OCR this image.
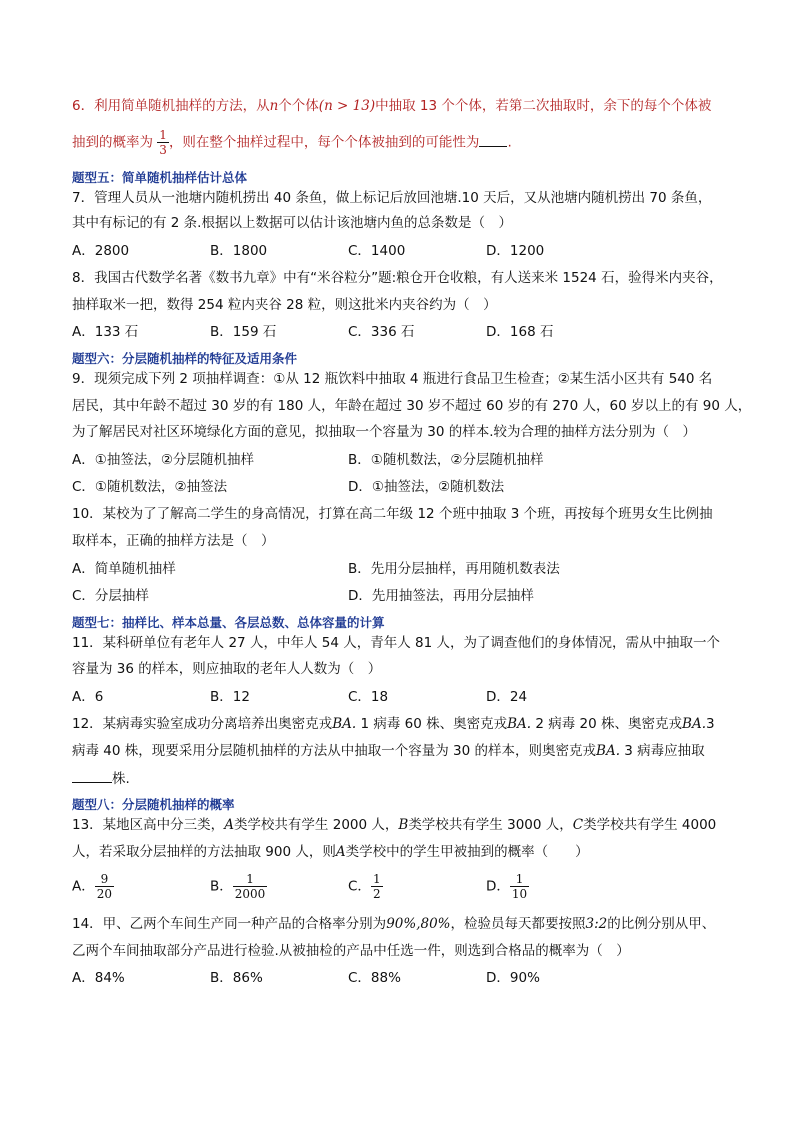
6．利用简单随机抽样的方法，从n个个体(n > 13)中抽取 13 个个体，若第二次抽取时，余下的每个个体被
抽到的概率为 $\frac{1}{3}$ ，则在整个抽样过程中，每个个体被抽到的可能性为 .
题型五：简单随机抽样估计总体
7．管理人员从一池塘内随机捞出 40 条鱼，做上标记后放回池塘.10 天后，又从池塘内随机捞出 70 条鱼，
其中有标记的有 2 条.根据以上数据可以估计该池塘内鱼的总条数是（　）
A．2800	B．1800	C．1400	D．1200
8．我国古代数学名著《数书九章》中有“米谷粒分”题:粮仓开仓收粮，有人送来米 1524 石，验得米内夹谷，
抽样取米一把，数得 254 粒内夹谷 28 粒，则这批米内夹谷约为（　）
A．133 石	B．159 石	C．336 石	D．168 石
题型六：分层随机抽样的特征及适用条件
9．现须完成下列 2 项抽样调查：①从 12 瓶饮料中抽取 4 瓶进行食品卫生检查；②某生活小区共有 540 名
居民，其中年龄不超过 30 岁的有 180 人，年龄在超过 30 岁不超过 60 岁的有 270 人，60 岁以上的有 90 人，
为了解居民对社区环境绿化方面的意见，拟抽取一个容量为 30 的样本.较为合理的抽样方法分别为（　）
A．①抽签法，②分层随机抽样	B．①随机数法，②分层随机抽样
C．①随机数法，②抽签法	D．①抽签法，②随机数法
10．某校为了了解高二学生的身高情况，打算在高二年级 12 个班中抽取 3 个班，再按每个班男女生比例抽
取样本，正确的抽样方法是（　）
A．简单随机抽样	B．先用分层抽样，再用随机数表法
C．分层抽样	D．先用抽签法，再用分层抽样
题型七：抽样比、样本总量、各层总数、总体容量的计算
11．某科研单位有老年人 27 人，中年人 54 人，青年人 81 人，为了调查他们的身体情况，需从中抽取一个
容量为 36 的样本，则应抽取的老年人人数为（　）
A．6	B．12	C．18	D．24
12．某病毒实验室成功分离培养出奥密克戎BA. 1 病毒 60 株、奥密克戎BA. 2 病毒 20 株、奥密克戎BA.3
病毒 40 株，现要采用分层随机抽样的方法从中抽取一个容量为 30 的样本，则奥密克戎BA. 3 病毒应抽取
株.
题型八：分层随机抽样的概率
13．某地区高中分三类，A类学校共有学生 2000 人，B类学校共有学生 3000 人，C类学校共有学生 4000
人，若采取分层抽样的方法抽取 900 人，则A类学校中的学生甲被抽到的概率（　　）
A． $\frac{9}{20}$	B． $\frac{1}{2000}$	C． $\frac{1}{2}$	D． $\frac{1}{10}$
14．甲、乙两个车间生产同一种产品的合格率分别为90%,80%，检验员每天都要按照3:2的比例分别从甲、
乙两个车间抽取部分产品进行检验.从被抽检的产品中任选一件，则选到合格品的概率为（　）
A．84%	B．86%	C．88%	D．90%
